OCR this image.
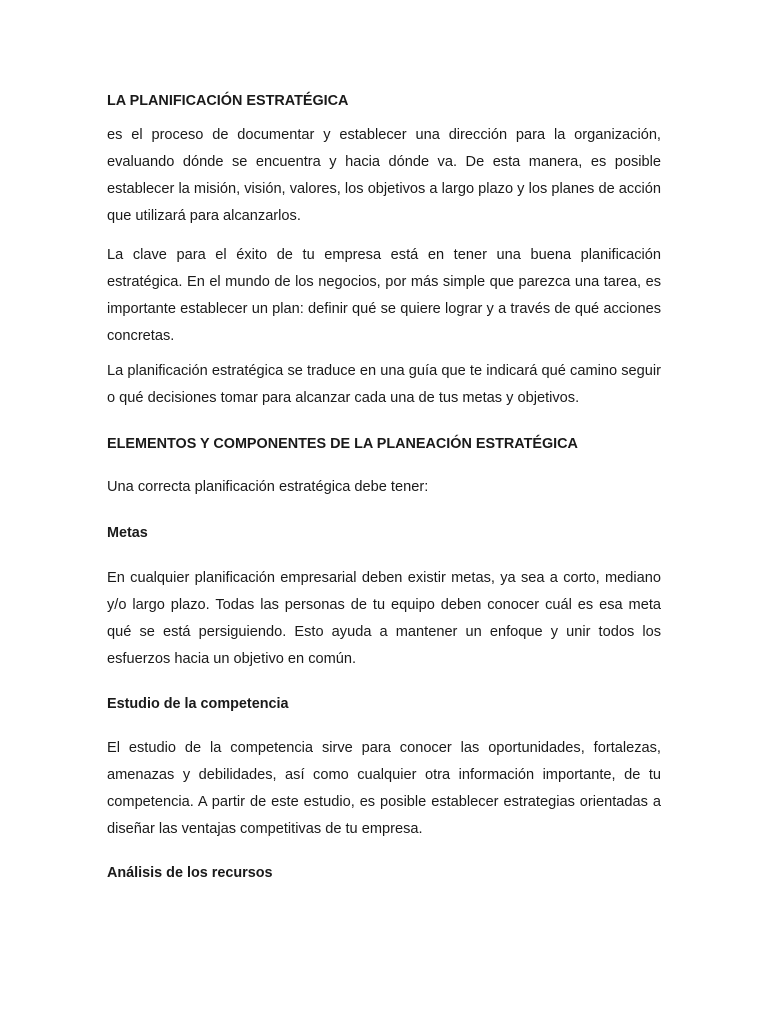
LA PLANIFICACIÓN ESTRATÉGICA

es el proceso de documentar y establecer una dirección para la organización, evaluando dónde se encuentra y hacia dónde va. De esta manera, es posible establecer la misión, visión, valores, los objetivos a largo plazo y los planes de acción que utilizará para alcanzarlos.

La clave para el éxito de tu empresa está en tener una buena planificación estratégica. En el mundo de los negocios, por más simple que parezca una tarea, es importante establecer un plan: definir qué se quiere lograr y a través de qué acciones concretas.

La planificación estratégica se traduce en una guía que te indicará qué camino seguir o qué decisiones tomar para alcanzar cada una de tus metas y objetivos.

ELEMENTOS Y COMPONENTES DE LA PLANEACIÓN ESTRATÉGICA

Una correcta planificación estratégica debe tener:

Metas

En cualquier planificación empresarial deben existir metas, ya sea a corto, mediano y/o largo plazo. Todas las personas de tu equipo deben conocer cuál es esa meta qué se está persiguiendo. Esto ayuda a mantener un enfoque y unir todos los esfuerzos hacia un objetivo en común.

Estudio de la competencia

El estudio de la competencia sirve para conocer las oportunidades, fortalezas, amenazas y debilidades, así como cualquier otra información importante, de tu competencia. A partir de este estudio, es posible establecer estrategias orientadas a diseñar las ventajas competitivas de tu empresa.

Análisis de los recursos
